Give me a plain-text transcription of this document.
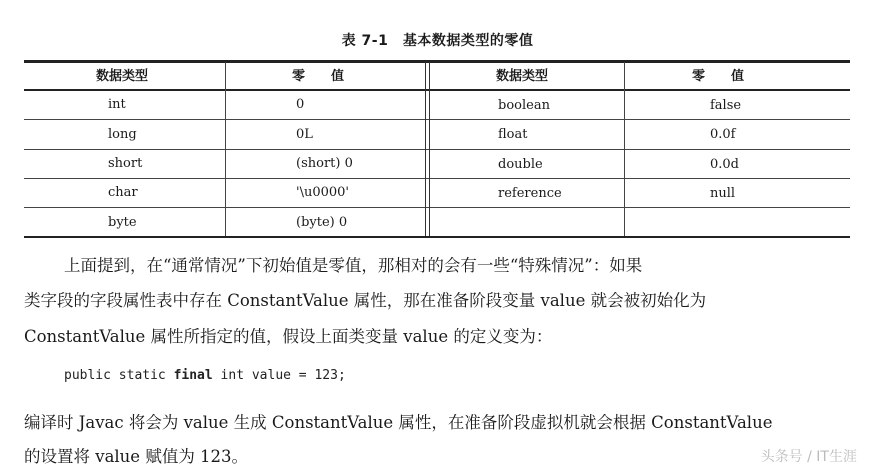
表 7-1　基本数据类型的零值
数据类型	零　　值	数据类型	零　　值
int	0	boolean	false
long	0L	float	0.0f
short	(short) 0	double	0.0d
char	'\u0000'	reference	null
byte	(byte) 0
上面提到，在“通常情况”下初始值是零值，那相对的会有一些“特殊情况”：如果
类字段的字段属性表中存在 ConstantValue 属性，那在准备阶段变量 value 就会被初始化为
ConstantValue 属性所指定的值，假设上面类变量 value 的定义变为：
public static final int value = 123;
编译时 Javac 将会为 value 生成 ConstantValue 属性，在准备阶段虚拟机就会根据 ConstantValue
的设置将 value 赋值为 123。	头条号 / IT生涯
